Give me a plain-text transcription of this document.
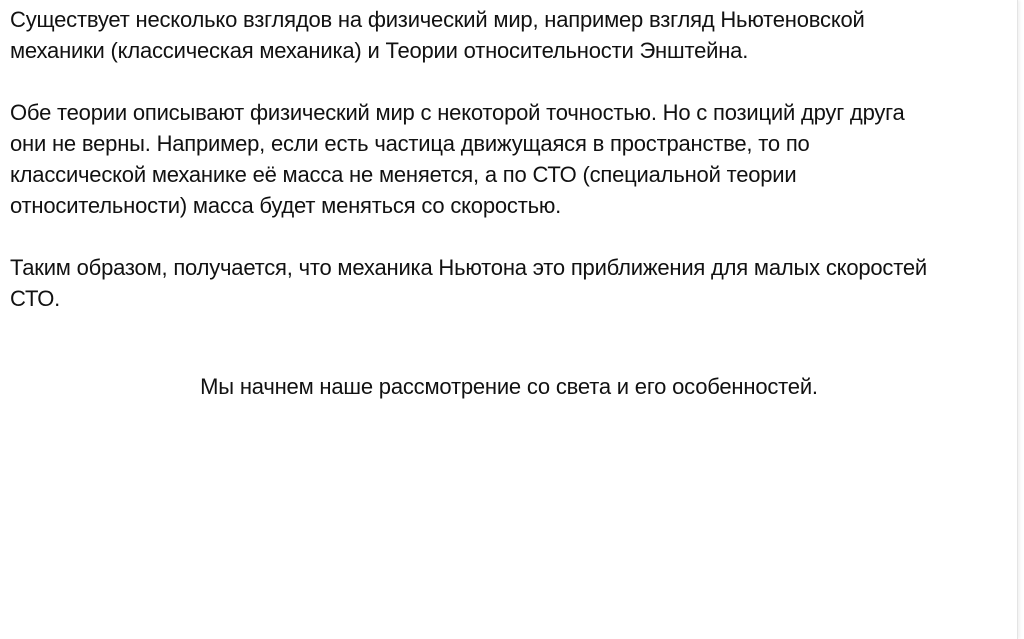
Существует несколько взглядов на физический мир, например взгляд Ньютеновской
механики (классическая механика) и Теории относительности Энштейна.

Обе теории описывают физический мир с некоторой точностью. Но с позиций друг друга
они не верны. Например, если есть частица движущаяся в пространстве, то по
классической механике её масса не меняется, а по СТО (специальной теории
относительности) масса будет меняться со скоростью.

Таким образом, получается, что механика Ньютона это приближения для малых скоростей
СТО.

Мы начнем наше рассмотрение со света и его особенностей.
